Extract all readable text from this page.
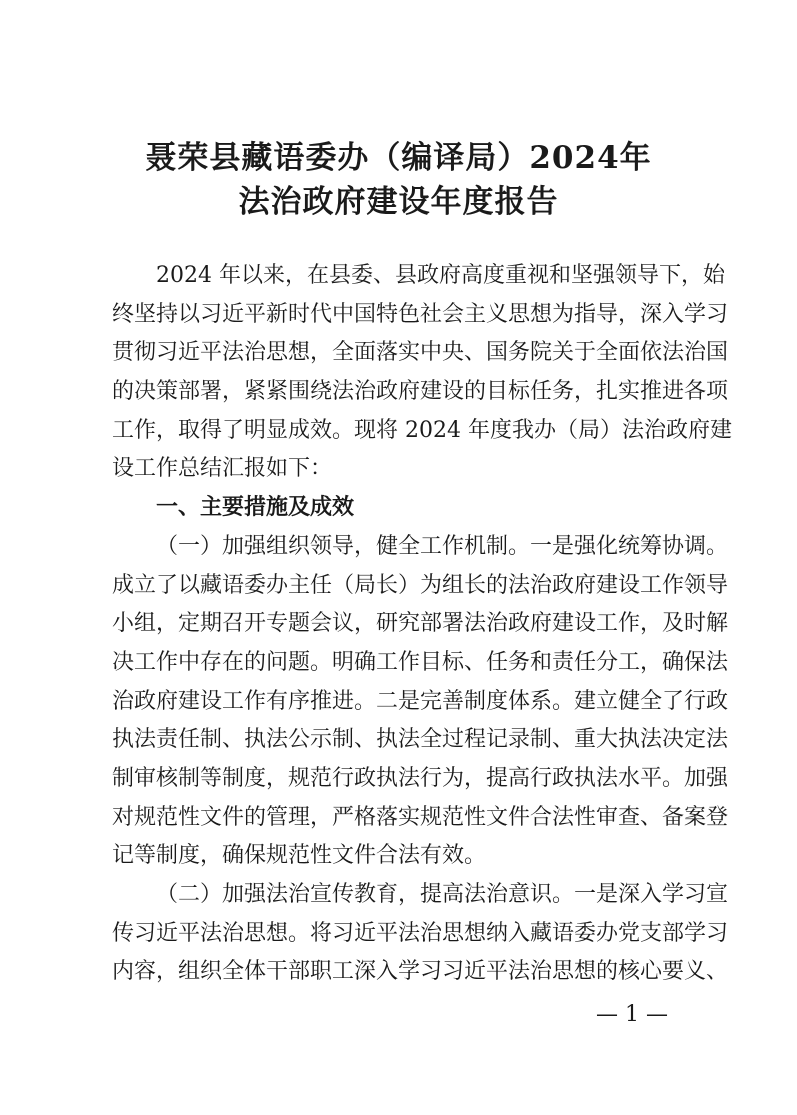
聂荣县藏语委办（编译局）2024年
法治政府建设年度报告
2024 年以来，在县委、县政府高度重视和坚强领导下，始
终坚持以习近平新时代中国特色社会主义思想为指导，深入学习
贯彻习近平法治思想，全面落实中央、国务院关于全面依法治国
的决策部署，紧紧围绕法治政府建设的目标任务，扎实推进各项
工作，取得了明显成效。现将 2024 年度我办（局）法治政府建
设工作总结汇报如下：
一、主要措施及成效
（一）加强组织领导，健全工作机制。一是强化统筹协调。
成立了以藏语委办主任（局长）为组长的法治政府建设工作领导
小组，定期召开专题会议，研究部署法治政府建设工作，及时解
决工作中存在的问题。明确工作目标、任务和责任分工，确保法
治政府建设工作有序推进。二是完善制度体系。建立健全了行政
执法责任制、执法公示制、执法全过程记录制、重大执法决定法
制审核制等制度，规范行政执法行为，提高行政执法水平。加强
对规范性文件的管理，严格落实规范性文件合法性审查、备案登
记等制度，确保规范性文件合法有效。
（二）加强法治宣传教育，提高法治意识。一是深入学习宣
传习近平法治思想。将习近平法治思想纳入藏语委办党支部学习
内容，组织全体干部职工深入学习习近平法治思想的核心要义、
— 1 —
